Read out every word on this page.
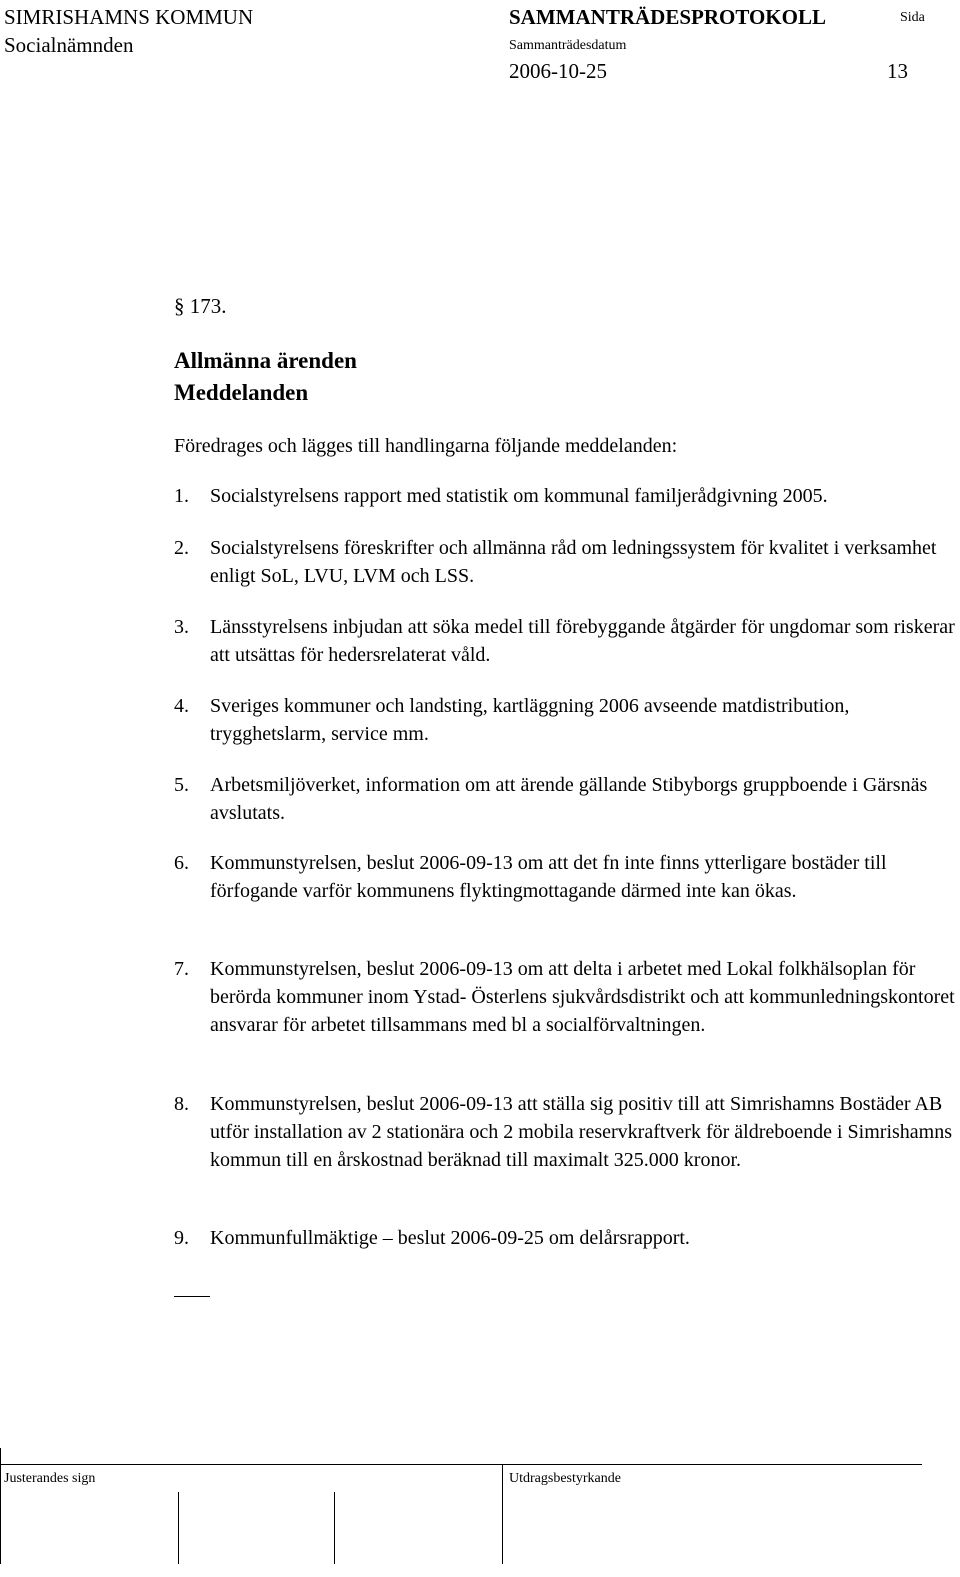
SIMRISHAMNS KOMMUN
Socialnämnden
SAMMANTRÄDESPROTOKOLL	Sida
Sammanträdesdatum
2006-10-25	13
§ 173.
Allmänna ärenden
Meddelanden
Föredrages och lägges till handlingarna följande meddelanden:
1. Socialstyrelsens rapport med statistik om kommunal familjerådgivning 2005.
2. Socialstyrelsens föreskrifter och allmänna råd om ledningssystem för kvalitet i verksamhet enligt SoL, LVU, LVM och LSS.
3. Länsstyrelsens inbjudan att söka medel till förebyggande åtgärder för ungdomar som riskerar att utsättas för hedersrelaterat våld.
4. Sveriges kommuner och landsting, kartläggning 2006 avseende matdistribution, trygghetslarm, service mm.
5. Arbetsmiljöverket, information om att ärende gällande Stibyborgs gruppboende i Gärsnäs avslutats.
6. Kommunstyrelsen, beslut 2006-09-13 om att det fn inte finns ytterligare bostäder till förfogande varför kommunens flyktingmottagande därmed inte kan ökas.
7. Kommunstyrelsen, beslut 2006-09-13 om att delta i arbetet med Lokal folkhälsoplan för berörda kommuner inom Ystad- Österlens sjukvårdsdistrikt och att kommunledningskontoret ansvarar för arbetet tillsammans med bl a socialförvaltningen.
8. Kommunstyrelsen, beslut 2006-09-13 att ställa sig positiv till att Simrishamns Bostäder AB utför installation av 2 stationära och 2 mobila reservkraftverk för äldreboende i Simrishamns kommun till en årskostnad beräknad till maximalt 325.000 kronor.
9. Kommunfullmäktige – beslut 2006-09-25 om delårsrapport.
Justerandes sign	Utdragsbestyrkande
